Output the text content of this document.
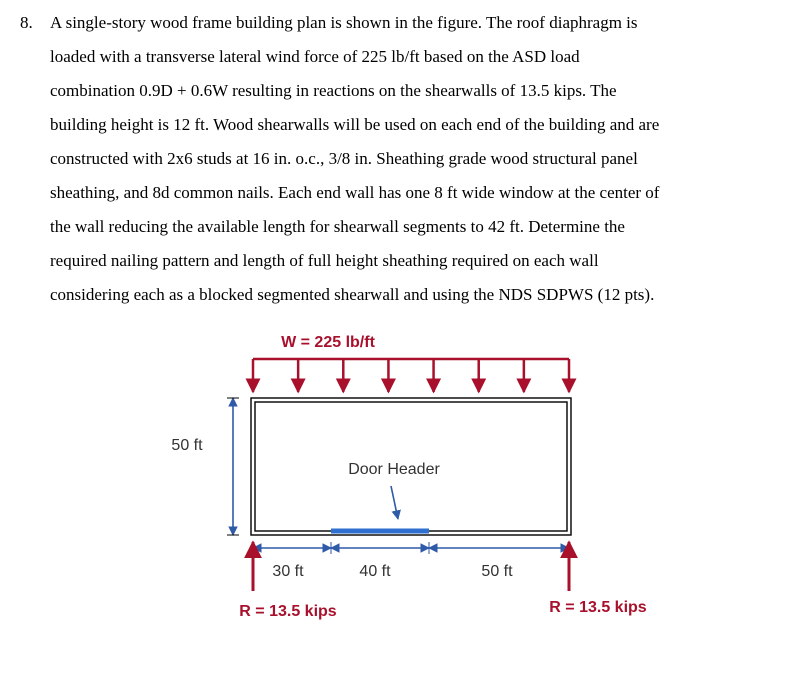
8. A single-story wood frame building plan is shown in the figure. The roof diaphragm is
loaded with a transverse lateral wind force of 225 lb/ft based on the ASD load
combination 0.9D + 0.6W resulting in reactions on the shearwalls of 13.5 kips. The
building height is 12 ft. Wood shearwalls will be used on each end of the building and are
constructed with 2x6 studs at 16 in. o.c., 3/8 in. Sheathing grade wood structural panel
sheathing, and 8d common nails. Each end wall has one 8 ft wide window at the center of
the wall reducing the available length for shearwall segments to 42 ft. Determine the
required nailing pattern and length of full height sheathing required on each wall
considering each as a blocked segmented shearwall and using the NDS SDPWS (12 pts).
W = 225 lb/ft
Door Header
50 ft
30 ft	40 ft	50 ft
R = 13.5 kips	R = 13.5 kips
